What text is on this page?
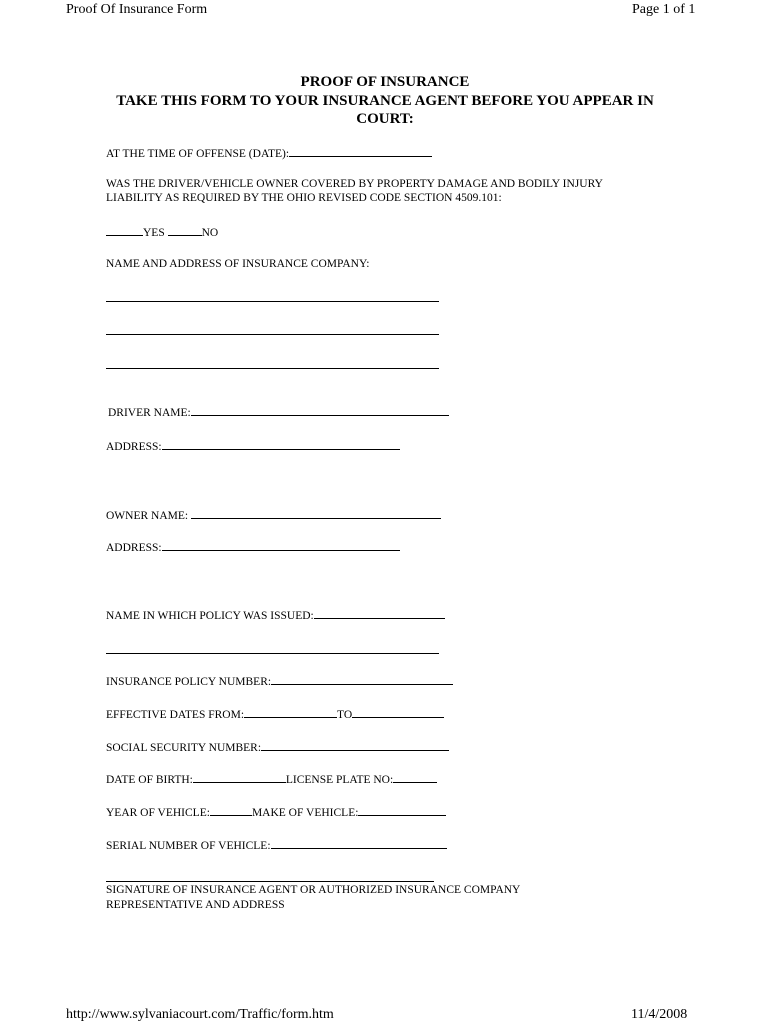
Proof Of Insurance Form	Page 1 of 1
PROOF OF INSURANCE
TAKE THIS FORM TO YOUR INSURANCE AGENT BEFORE YOU APPEAR IN
COURT:
AT THE TIME OF OFFENSE (DATE):
WAS THE DRIVER/VEHICLE OWNER COVERED BY PROPERTY DAMAGE AND BODILY INJURY
LIABILITY AS REQUIRED BY THE OHIO REVISED CODE SECTION 4509.101:
YES	NO
NAME AND ADDRESS OF INSURANCE COMPANY:
DRIVER NAME:
ADDRESS:
OWNER NAME:
ADDRESS:
NAME IN WHICH POLICY WAS ISSUED:
INSURANCE POLICY NUMBER:
EFFECTIVE DATES FROM:	TO
SOCIAL SECURITY NUMBER:
DATE OF BIRTH:	LICENSE PLATE NO:
YEAR OF VEHICLE:	MAKE OF VEHICLE:
SERIAL NUMBER OF VEHICLE:
SIGNATURE OF INSURANCE AGENT OR AUTHORIZED INSURANCE COMPANY
REPRESENTATIVE AND ADDRESS
http://www.sylvaniacourt.com/Traffic/form.htm	11/4/2008
